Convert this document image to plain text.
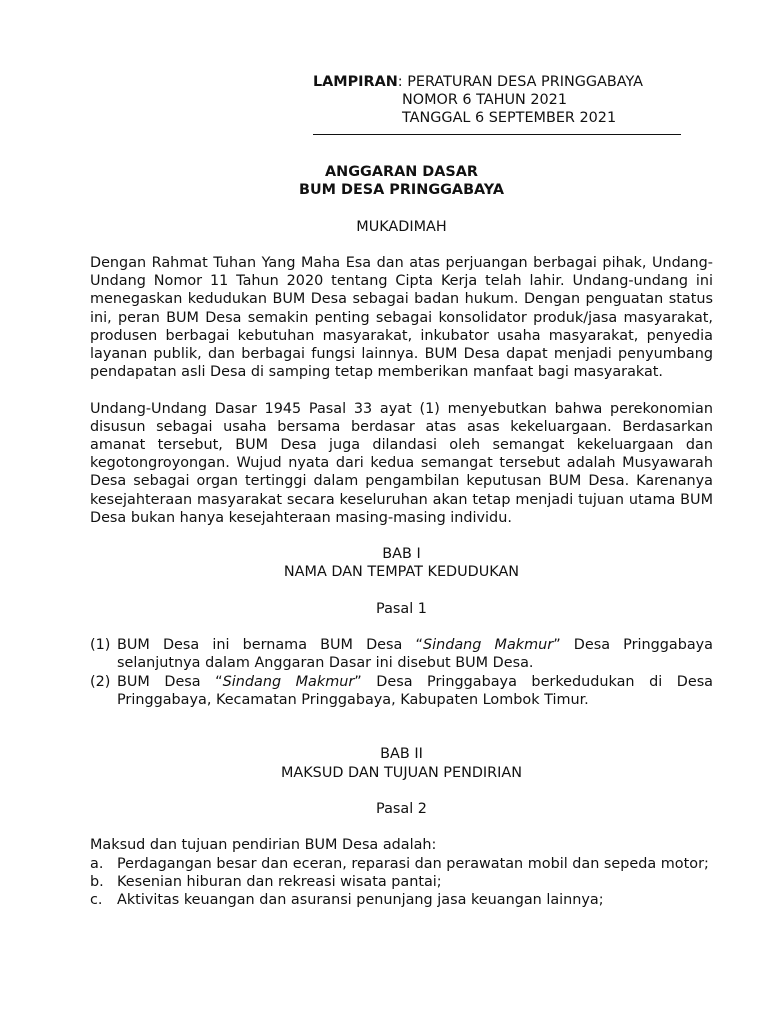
LAMPIRAN : PERATURAN DESA PRINGGABAYA
NOMOR 6 TAHUN 2021
TANGGAL 6 SEPTEMBER 2021
ANGGARAN DASAR
BUM DESA PRINGGABAYA
MUKADIMAH

Dengan Rahmat Tuhan Yang Maha Esa dan atas perjuangan berbagai pihak, Undang-Undang Nomor 11 Tahun 2020 tentang Cipta Kerja telah lahir. Undang-undang ini menegaskan kedudukan BUM Desa sebagai badan hukum. Dengan penguatan status ini, peran BUM Desa semakin penting sebagai konsolidator produk/jasa masyarakat, produsen berbagai kebutuhan masyarakat, inkubator usaha masyarakat, penyedia layanan publik, dan berbagai fungsi lainnya. BUM Desa dapat menjadi penyumbang pendapatan asli Desa di samping tetap memberikan manfaat bagi masyarakat.

Undang-Undang Dasar 1945 Pasal 33 ayat (1) menyebutkan bahwa perekonomian disusun sebagai usaha bersama berdasar atas asas kekeluargaan. Berdasarkan amanat tersebut, BUM Desa juga dilandasi oleh semangat kekeluargaan dan kegotongroyongan. Wujud nyata dari kedua semangat tersebut adalah Musyawarah Desa sebagai organ tertinggi dalam pengambilan keputusan BUM Desa. Karenanya kesejahteraan masyarakat secara keseluruhan akan tetap menjadi tujuan utama BUM Desa bukan hanya kesejahteraan masing-masing individu.

BAB I
NAMA DAN TEMPAT KEDUDUKAN
Pasal 1
(1) BUM Desa ini bernama BUM Desa “Sindang Makmur” Desa Pringgabaya selanjutnya dalam Anggaran Dasar ini disebut BUM Desa.
(2) BUM Desa “Sindang Makmur” Desa Pringgabaya berkedudukan di Desa Pringgabaya, Kecamatan Pringgabaya, Kabupaten Lombok Timur.
BAB II
MAKSUD DAN TUJUAN PENDIRIAN
Pasal 2

Maksud dan tujuan pendirian BUM Desa adalah:

a. Perdagangan besar dan eceran, reparasi dan perawatan mobil dan sepeda motor;
b. Kesenian hiburan dan rekreasi wisata pantai;
c.	Aktivitas keuangan dan asuransi penunjang jasa keuangan lainnya;
